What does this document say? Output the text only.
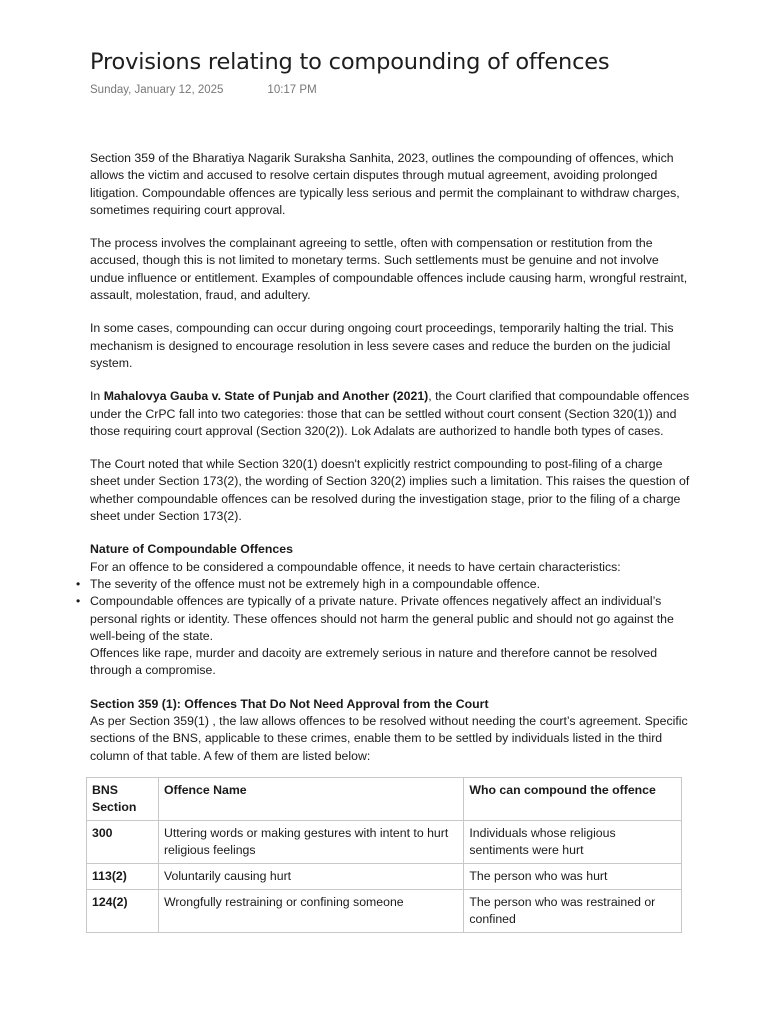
Provisions relating to compounding of offences
Sunday, January 12, 2025	10:17 PM

Section 359 of the Bharatiya Nagarik Suraksha Sanhita, 2023, outlines the compounding of offences, which allows the victim and accused to resolve certain disputes through mutual agreement, avoiding prolonged litigation. Compoundable offences are typically less serious and permit the complainant to withdraw charges, sometimes requiring court approval.

The process involves the complainant agreeing to settle, often with compensation or restitution from the accused, though this is not limited to monetary terms. Such settlements must be genuine and not involve undue influence or entitlement. Examples of compoundable offences include causing harm, wrongful restraint, assault, molestation, fraud, and adultery.

In some cases, compounding can occur during ongoing court proceedings, temporarily halting the trial. This mechanism is designed to encourage resolution in less severe cases and reduce the burden on the judicial system.

In Mahalovya Gauba v. State of Punjab and Another (2021), the Court clarified that compoundable offences under the CrPC fall into two categories: those that can be settled without court consent (Section 320(1)) and those requiring court approval (Section 320(2)). Lok Adalats are authorized to handle both types of cases.

The Court noted that while Section 320(1) doesn't explicitly restrict compounding to post-filing of a charge sheet under Section 173(2), the wording of Section 320(2) implies such a limitation. This raises the question of whether compoundable offences can be resolved during the investigation stage, prior to the filing of a charge sheet under Section 173(2).

Nature of Compoundable Offences

For an offence to be considered a compoundable offence, it needs to have certain characteristics:

• The severity of the offence must not be extremely high in a compoundable offence.
• Compoundable offences are typically of a private nature. Private offences negatively affect an individual’s personal rights or identity. These offences should not harm the general public and should not go against the well-being of the state.

Offences like rape, murder and dacoity are extremely serious in nature and therefore cannot be resolved through a compromise.

Section 359 (1): Offences That Do Not Need Approval from the Court

As per Section 359(1) , the law allows offences to be resolved without needing the court’s agreement. Specific sections of the BNS, applicable to these crimes, enable them to be settled by individuals listed in the third column of that table. A few of them are listed below:

BNS Section	Offence Name	Who can compound the offence
300	Uttering words or making gestures with intent to hurt religious feelings	Individuals whose religious sentiments were hurt
113(2)	Voluntarily causing hurt	The person who was hurt
124(2)	Wrongfully restraining or confining someone	The person who was restrained or confined
